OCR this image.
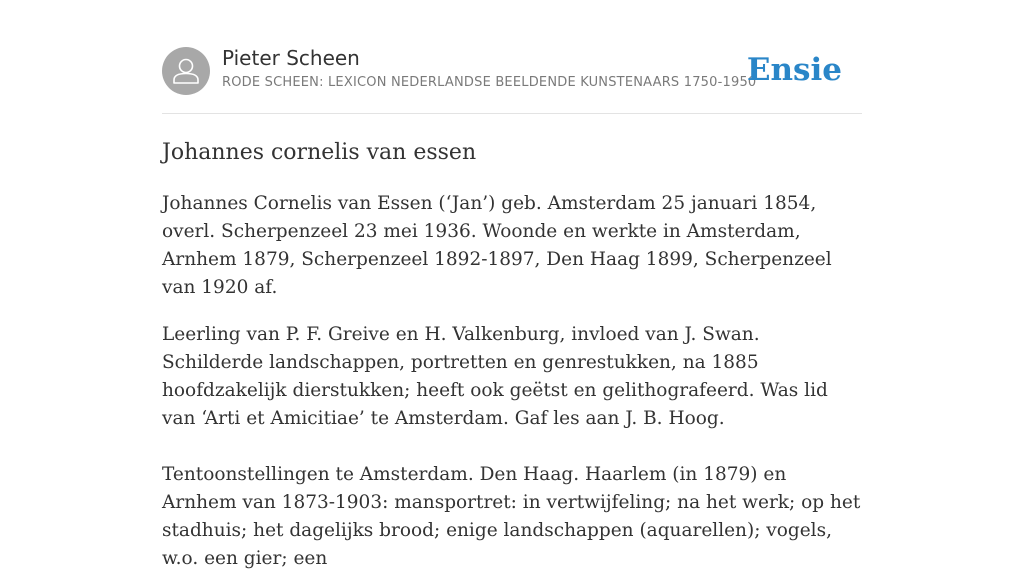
Pieter Scheen
RODE SCHEEN: LEXICON NEDERLANDSE BEELDENDE KUNSTENAARS 1750-1950
Ensie
Johannes cornelis van essen

Johannes Cornelis van Essen (‘Jan’) geb. Amsterdam 25 januari 1854, overl. Scherpenzeel 23 mei 1936. Woonde en werkte in Amsterdam, Arnhem 1879, Scherpenzeel 1892-1897, Den Haag 1899, Scherpenzeel van 1920 af.

Leerling van P. F. Greive en H. Valkenburg, invloed van J. Swan. Schilderde landschappen, portretten en genrestukken, na 1885 hoofdzakelijk dierstukken; heeft ook geëtst en gelithografeerd. Was lid van ‘Arti et Amicitiae’ te Amsterdam. Gaf les aan J. B. Hoog.

Tentoonstellingen te Amsterdam. Den Haag. Haarlem (in 1879) en Arnhem van 1873-1903: mansportret: in vertwijfeling; na het werk; op het stadhuis; het dagelijks brood; enige landschappen (aquarellen); vogels, w.o. een gier; een
